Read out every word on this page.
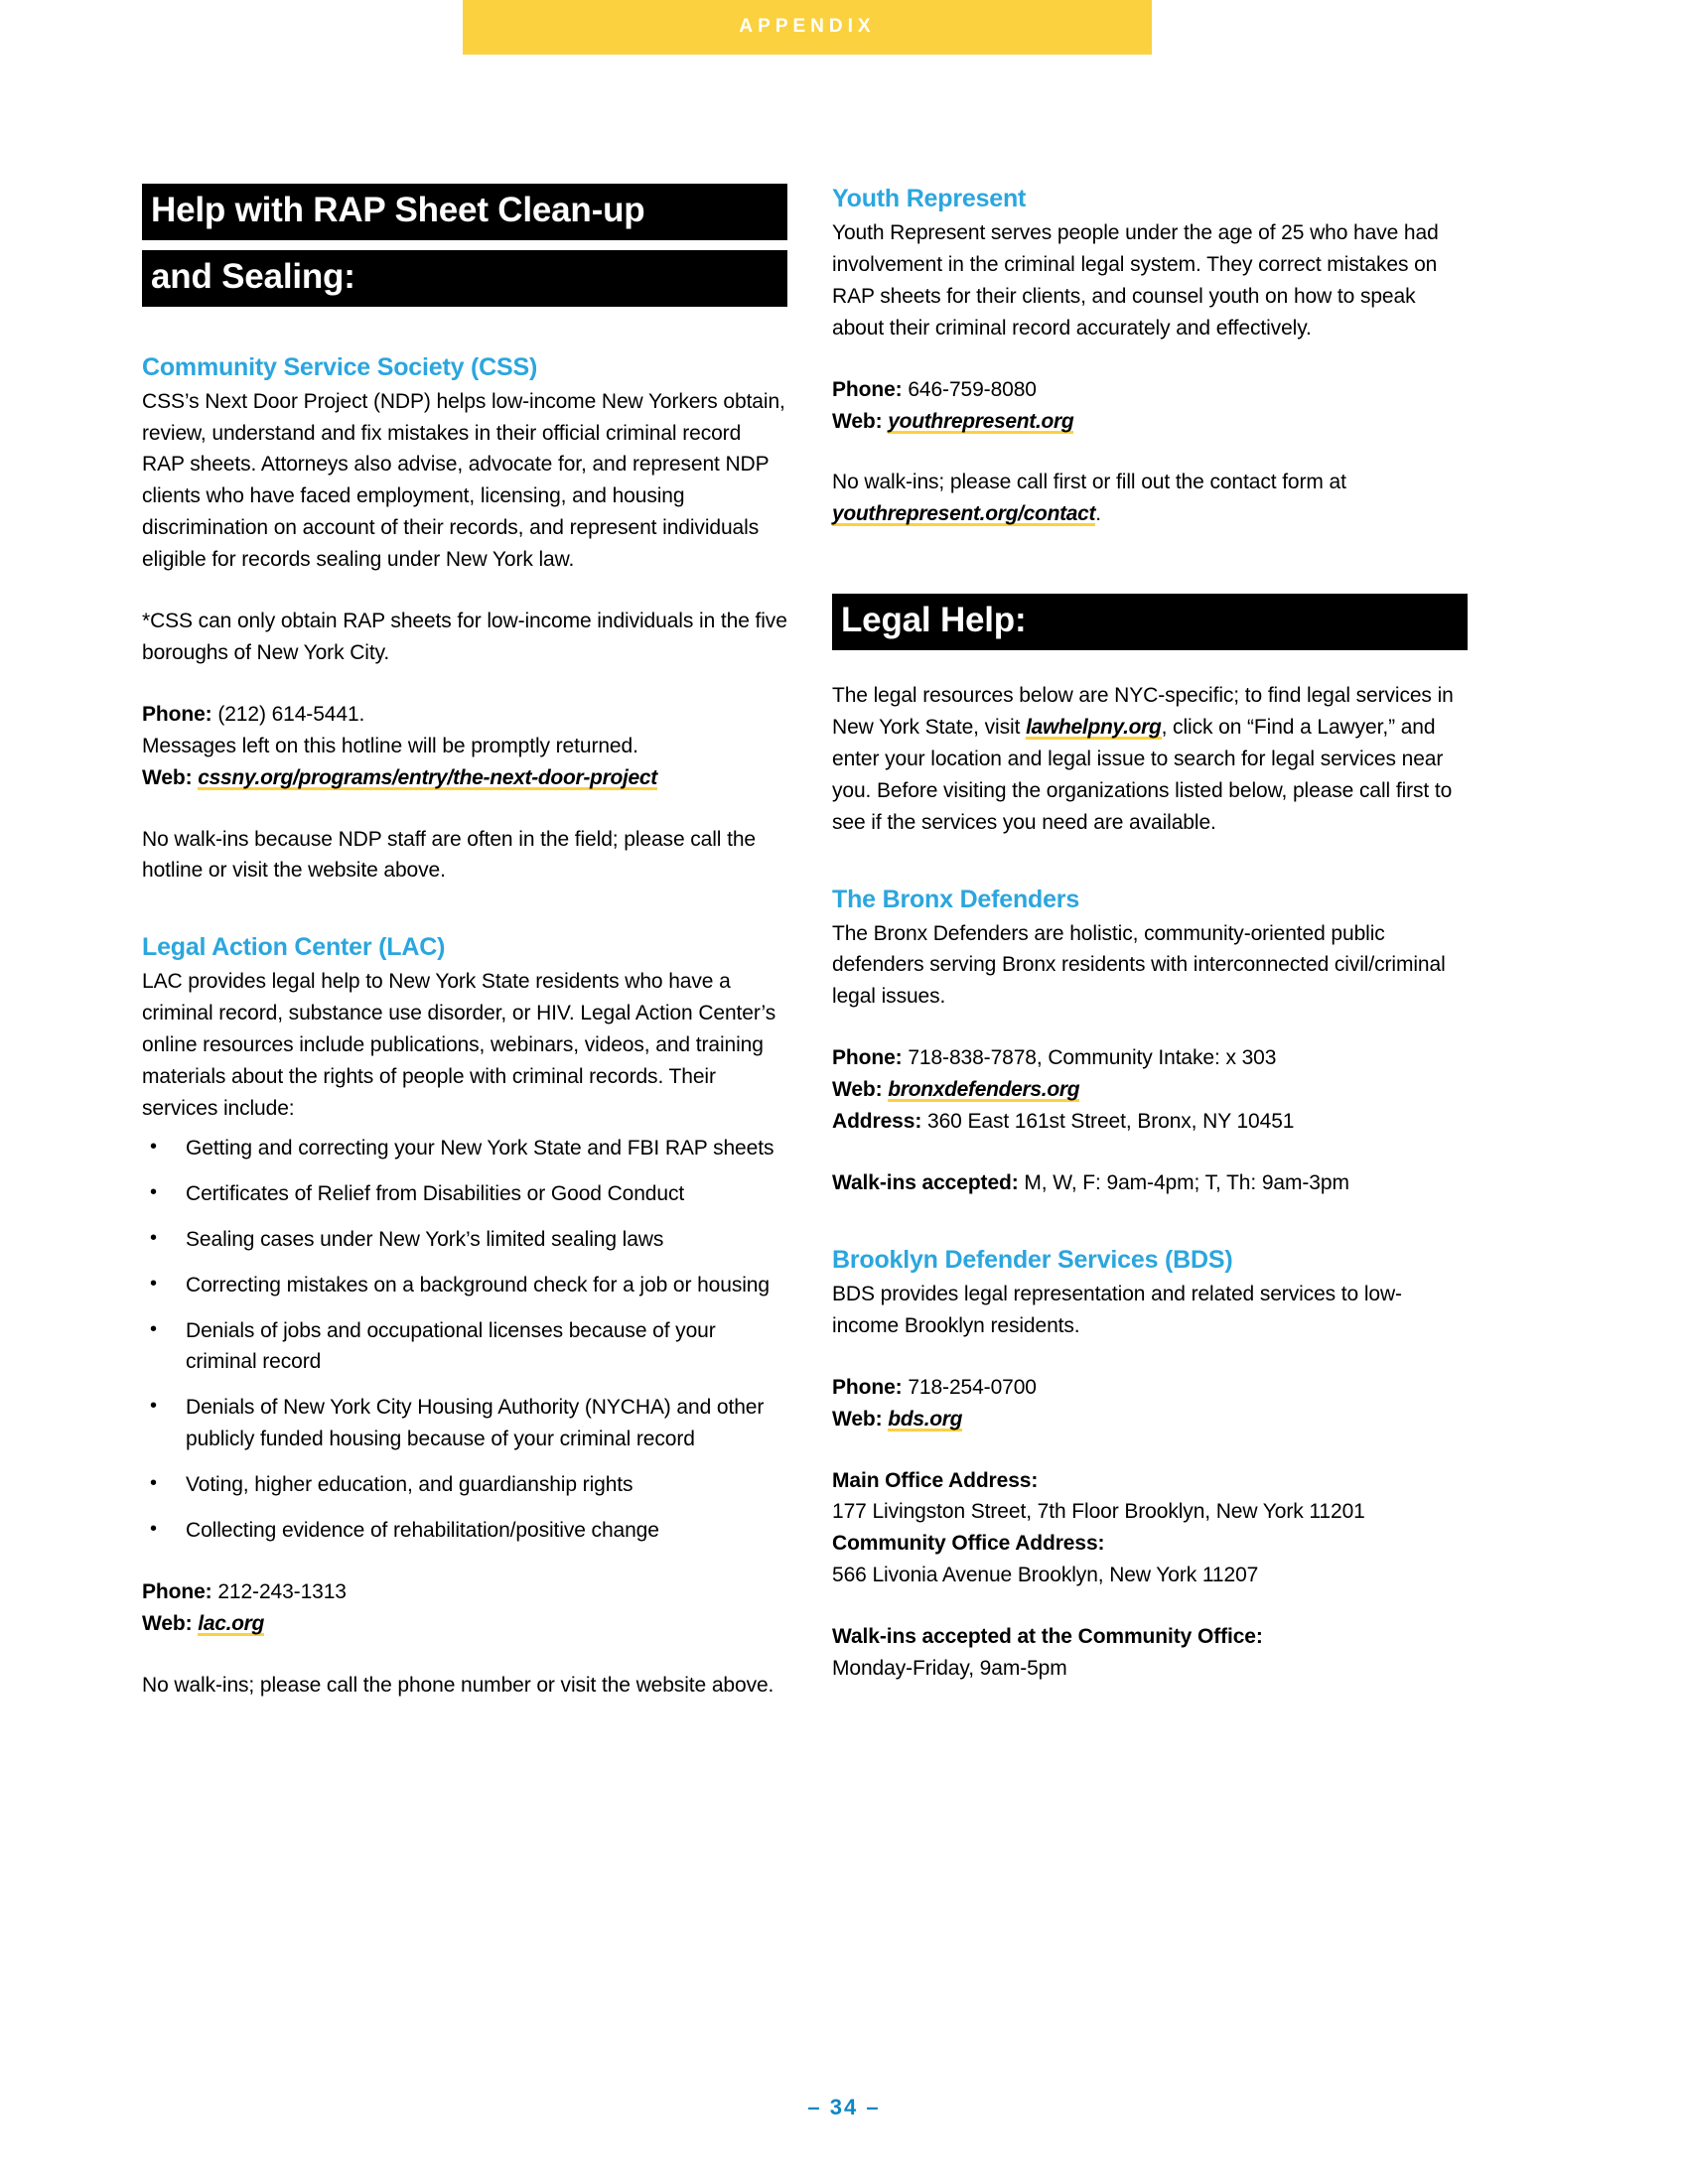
APPENDIX
Help with RAP Sheet Clean-up
and Sealing:
Community Service Society (CSS)

CSS’s Next Door Project (NDP) helps low-income New Yorkers obtain, review, understand and fix mistakes in their official criminal record RAP sheets. Attorneys also advise, advocate for, and represent NDP clients who have faced employment, licensing, and housing discrimination on account of their records, and represent individuals eligible for records sealing under New York law.

*CSS can only obtain RAP sheets for low-income individuals in the five boroughs of New York City.

Phone: (212) 614-5441.

Messages left on this hotline will be promptly returned.

Web: cssny.org/programs/entry/the-next-door-project

No walk-ins because NDP staff are often in the field; please call the hotline or visit the website above.

Legal Action Center (LAC)

LAC provides legal help to New York State residents who have a criminal record, substance use disorder, or HIV. Legal Action Center’s online resources include publications, webinars, videos, and training materials about the rights of people with criminal records. Their services include:

• Getting and correcting your New York State and FBI RAP sheets
• Certificates of Relief from Disabilities or Good Conduct
• Sealing cases under New York’s limited sealing laws
• Correcting mistakes on a background check for a job or housing
• Denials of jobs and occupational licenses because of your criminal record
• Denials of New York City Housing Authority (NYCHA) and other publicly funded housing because of your criminal record
• Voting, higher education, and guardianship rights
• Collecting evidence of rehabilitation/positive change

Phone: 212-243-1313

Web: lac.org

No walk-ins; please call the phone number or visit the website above.

Youth Represent

Youth Represent serves people under the age of 25 who have had involvement in the criminal legal system. They correct mistakes on RAP sheets for their clients, and counsel youth on how to speak about their criminal record accurately and effectively.

Phone: 646-759-8080

Web: youthrepresent.org

No walk-ins; please call first or fill out the contact form at youthrepresent.org/contact.

Legal Help:

The legal resources below are NYC-specific; to find legal services in New York State, visit lawhelpny.org, click on “Find a Lawyer,” and enter your location and legal issue to search for legal services near you. Before visiting the organizations listed below, please call first to see if the services you need are available.

The Bronx Defenders

The Bronx Defenders are holistic, community-oriented public defenders serving Bronx residents with interconnected civil/criminal legal issues.

Phone: 718-838-7878, Community Intake: x 303

Web: bronxdefenders.org

Address: 360 East 161st Street, Bronx, NY 10451

Walk-ins accepted: M, W, F: 9am-4pm; T, Th: 9am-3pm

Brooklyn Defender Services (BDS)

BDS provides legal representation and related services to low-income Brooklyn residents.

Phone: 718-254-0700

Web: bds.org

Main Office Address:

177 Livingston Street, 7th Floor Brooklyn, New York 11201

Community Office Address:

566 Livonia Avenue Brooklyn, New York 11207

Walk-ins accepted at the Community Office:

Monday-Friday, 9am-5pm

– 34 –
